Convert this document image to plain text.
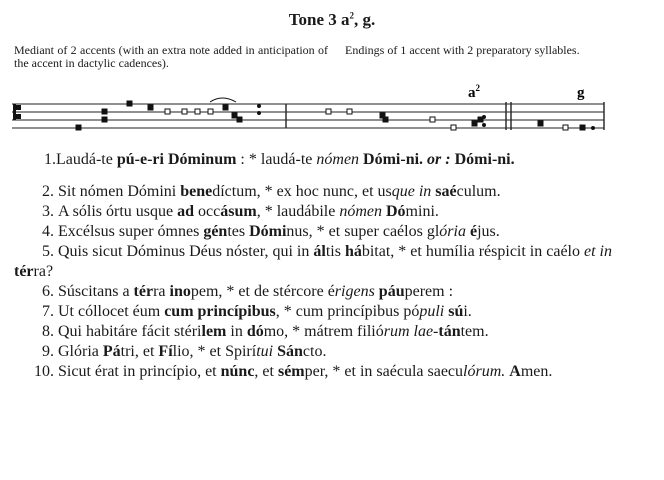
Tone 3 $a^2$, g.
Mediant of 2 accents (with an extra note added in anticipation of the accent in dactylic cadences).
Endings of 1 accent with 2 preparatory syllables.
$a^2$	g
1.Laudá-te pú-e-ri Dóminum : * laudá-te nómen Dómi-ni. or : Dómi-ni.
2. Sit nómen Dómini benedíctum, * ex hoc nunc, et usque in saéculum.
3. A sólis órtu usque ad occásum, * laudábile nómen Dómini.
4. Excélsus super ómnes géntes Dóminus, * et super caélos glória éjus.
5. Quis sicut Dóminus Déus nóster, qui in áltis hábitat, * et humília réspicit in caélo et in térra?
6. Súscitans a térra inopem, * et de stércore érigens páuperem :
7. Ut cóllocet éum cum princípibus, * cum princípibus pópuli súi.
8. Qui habitáre fácit stérilem in dómo, * mátrem filiórum lae-tántem.
9. Glória Pátri, et Fílio, * et Spirítui Sáncto.
10. Sicut érat in princípio, et núnc, et sémper, * et in saécula saeculórum. Amen.
